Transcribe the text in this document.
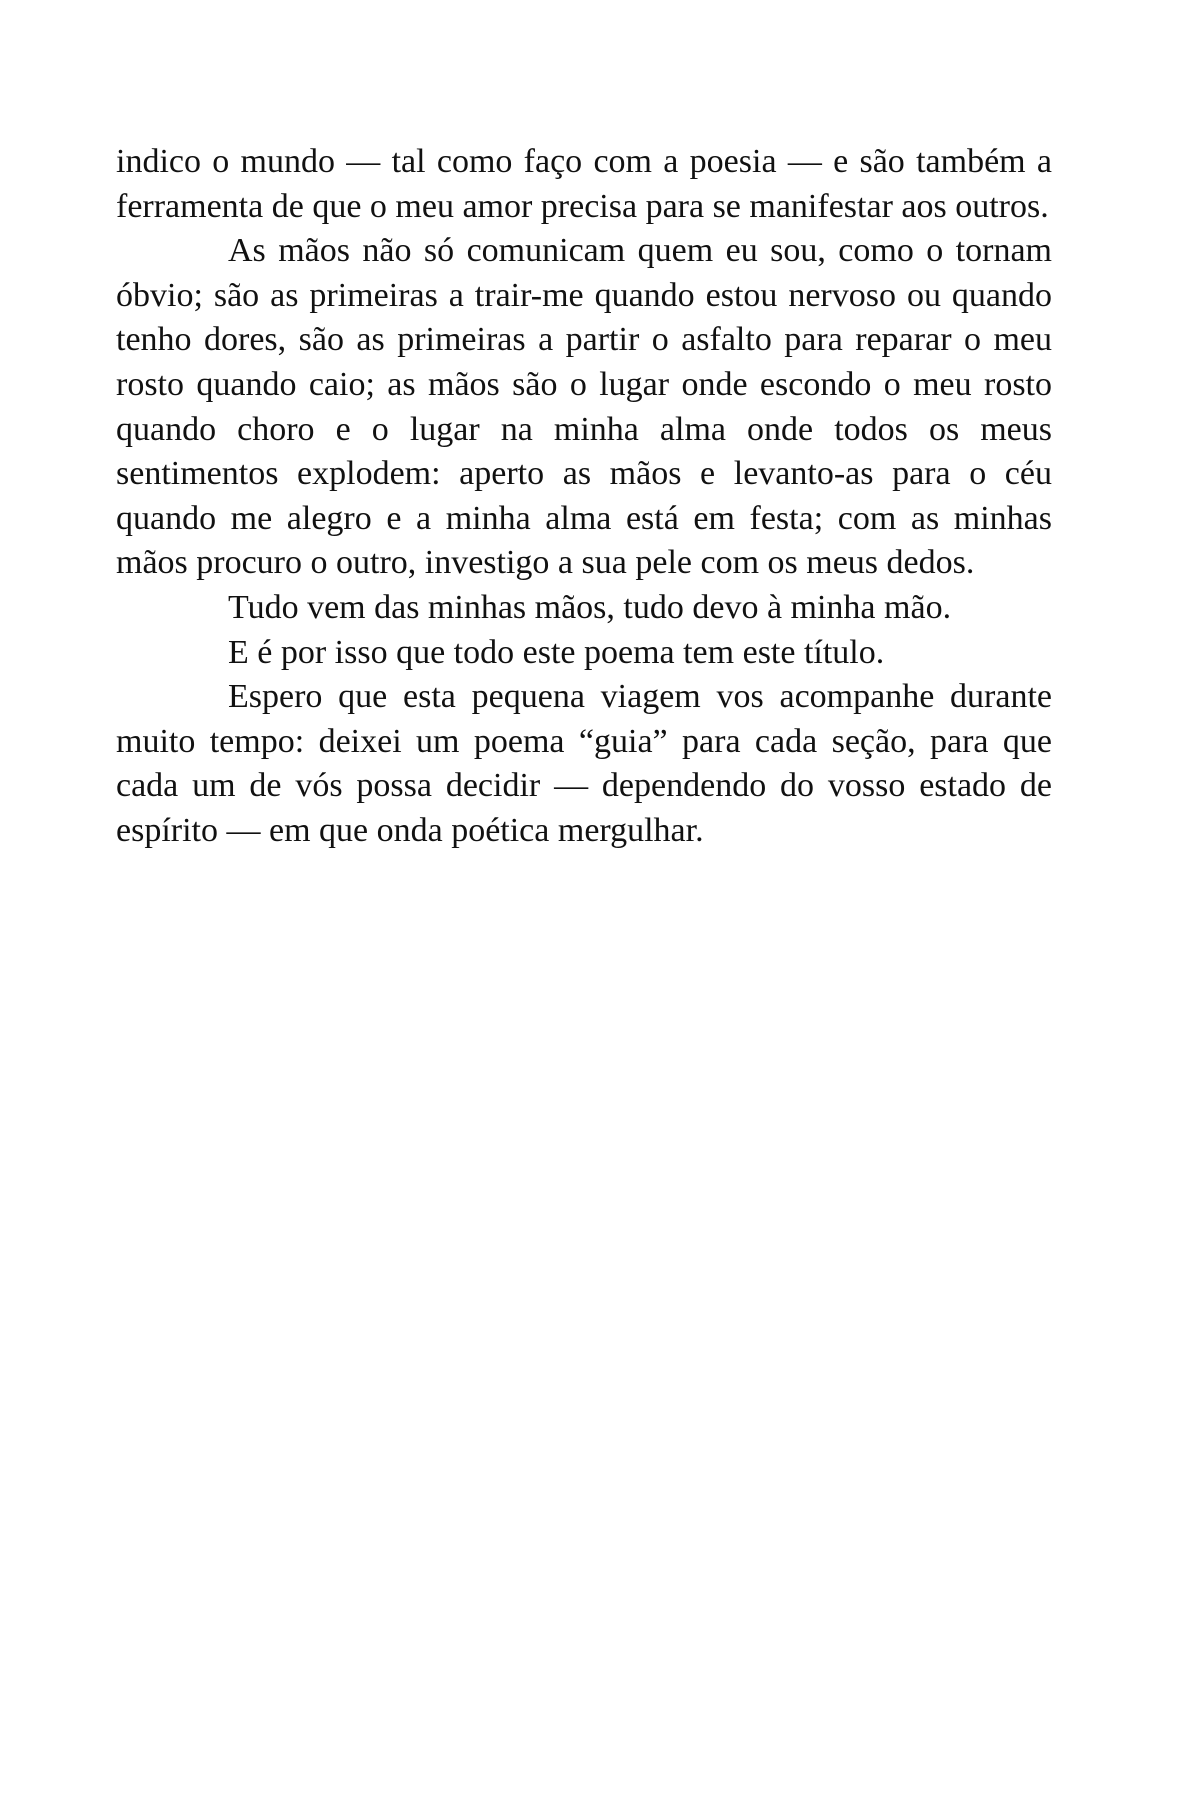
indico o mundo — tal como faço com a poesia — e são também a ferramenta de que o meu amor precisa para se manifestar aos outros.

As mãos não só comunicam quem eu sou, como o tornam óbvio; são as primeiras a trair-me quando estou nervoso ou quando tenho dores, são as primeiras a partir o asfalto para reparar o meu rosto quando caio; as mãos são o lugar onde escondo o meu rosto quando choro e o lugar na minha alma onde todos os meus sentimentos explodem: aperto as mãos e levanto-as para o céu quando me alegro e a minha alma está em festa; com as minhas mãos procuro o outro, investigo a sua pele com os meus dedos.

Tudo vem das minhas mãos, tudo devo à minha mão.

E é por isso que todo este poema tem este título.

Espero que esta pequena viagem vos acompanhe durante muito tempo: deixei um poema “guia” para cada seção, para que cada um de vós possa decidir — dependendo do vosso estado de espírito — em que onda poética mergulhar.
